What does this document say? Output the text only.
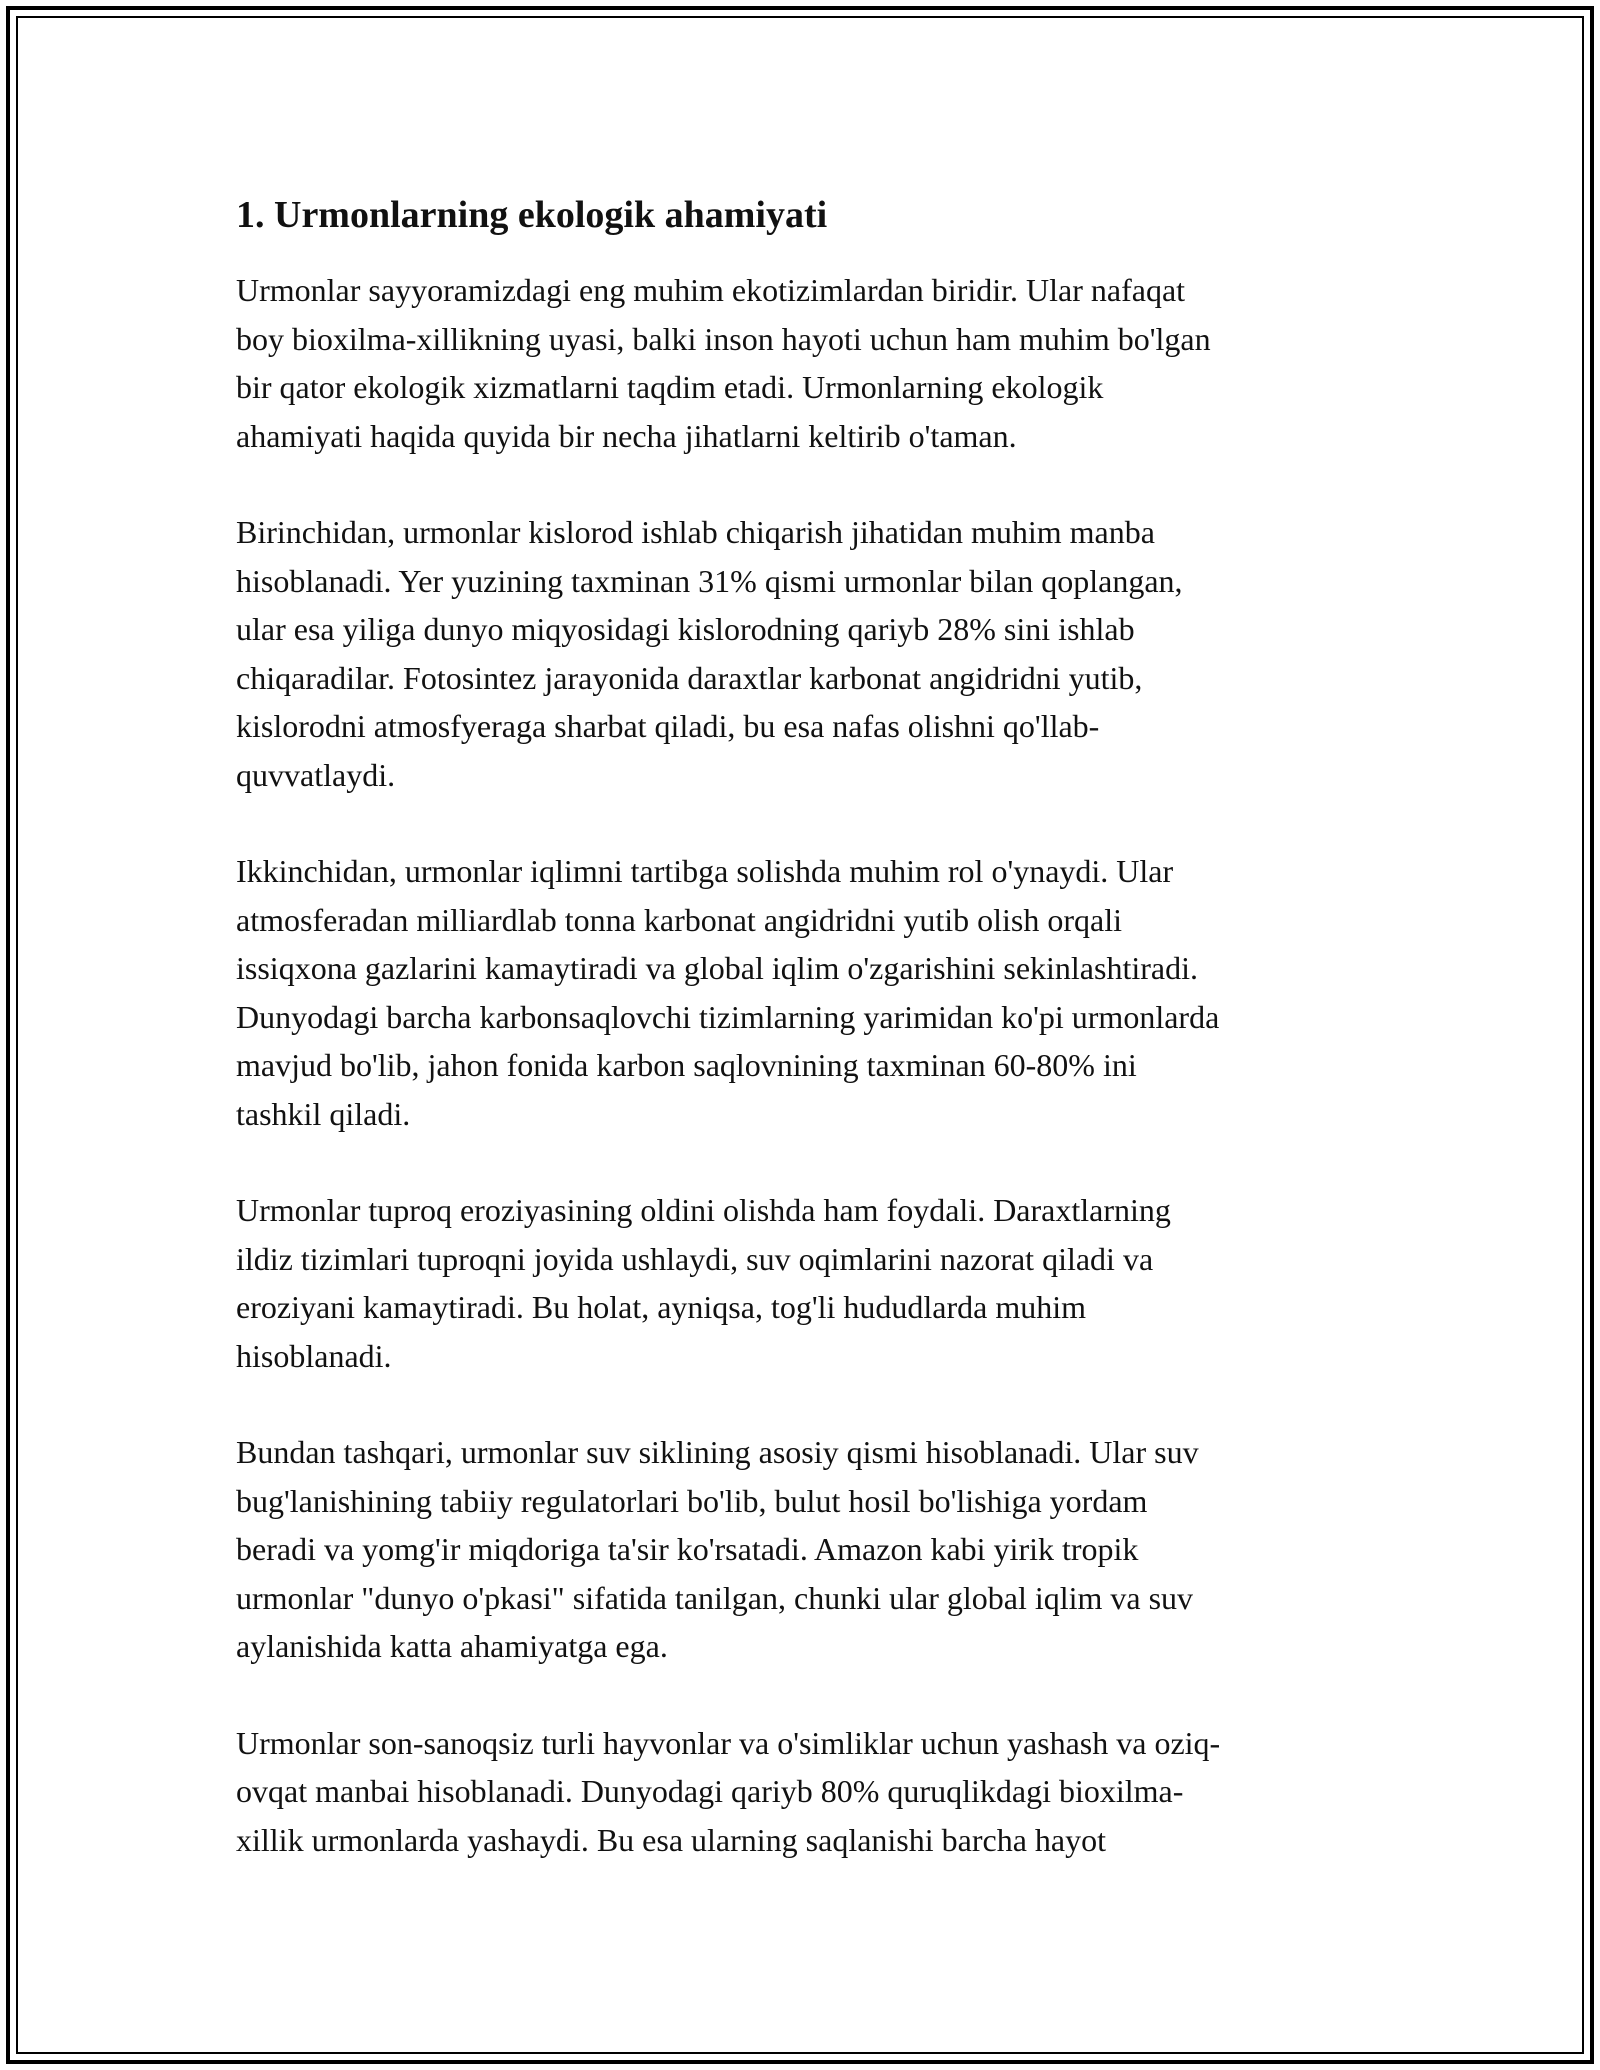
1. Urmonlarning ekologik ahamiyati

Urmonlar sayyoramizdagi eng muhim ekotizimlardan biridir. Ular nafaqat
boy bioxilma-xillikning uyasi, balki inson hayoti uchun ham muhim bo'lgan
bir qator ekologik xizmatlarni taqdim etadi. Urmonlarning ekologik
ahamiyati haqida quyida bir necha jihatlarni keltirib o'taman.

Birinchidan, urmonlar kislorod ishlab chiqarish jihatidan muhim manba
hisoblanadi. Yer yuzining taxminan 31% qismi urmonlar bilan qoplangan,
ular esa yiliga dunyo miqyosidagi kislorodning qariyb 28% sini ishlab
chiqaradilar. Fotosintez jarayonida daraxtlar karbonat angidridni yutib,
kislorodni atmosfyeraga sharbat qiladi, bu esa nafas olishni qo'llab-
quvvatlaydi.

Ikkinchidan, urmonlar iqlimni tartibga solishda muhim rol o'ynaydi. Ular
atmosferadan milliardlab tonna karbonat angidridni yutib olish orqali
issiqxona gazlarini kamaytiradi va global iqlim o'zgarishini sekinlashtiradi.
Dunyodagi barcha karbonsaqlovchi tizimlarning yarimidan ko'pi urmonlarda
mavjud bo'lib, jahon fonida karbon saqlovnining taxminan 60-80% ini
tashkil qiladi.

Urmonlar tuproq eroziyasining oldini olishda ham foydali. Daraxtlarning
ildiz tizimlari tuproqni joyida ushlaydi, suv oqimlarini nazorat qiladi va
eroziyani kamaytiradi. Bu holat, ayniqsa, tog'li hududlarda muhim
hisoblanadi.

Bundan tashqari, urmonlar suv siklining asosiy qismi hisoblanadi. Ular suv
bug'lanishining tabiiy regulatorlari bo'lib, bulut hosil bo'lishiga yordam
beradi va yomg'ir miqdoriga ta'sir ko'rsatadi. Amazon kabi yirik tropik
urmonlar "dunyo o'pkasi" sifatida tanilgan, chunki ular global iqlim va suv
aylanishida katta ahamiyatga ega.

Urmonlar son-sanoqsiz turli hayvonlar va o'simliklar uchun yashash va oziq-
ovqat manbai hisoblanadi. Dunyodagi qariyb 80% quruqlikdagi bioxilma-
xillik urmonlarda yashaydi. Bu esa ularning saqlanishi barcha hayot
